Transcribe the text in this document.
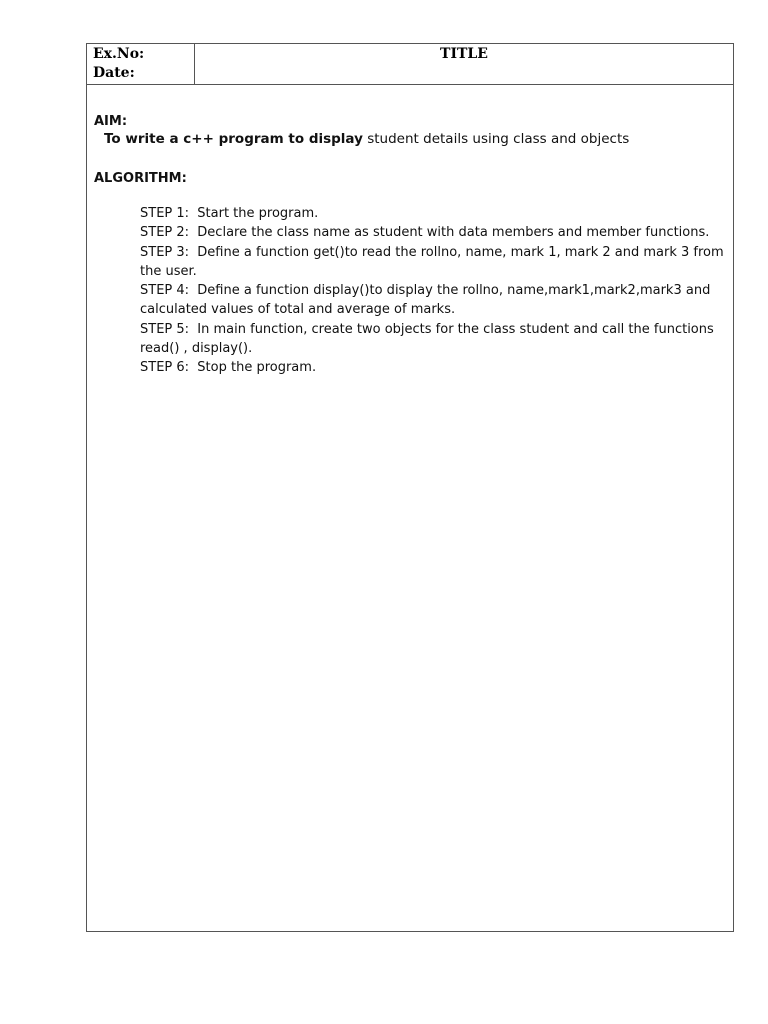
Ex.No:
Date:
TITLE
AIM:
To write a c++ program to display student details using class and objects
ALGORITHM:
STEP 1:  Start the program.
STEP 2:  Declare the class name as student with data members and member functions.
STEP 3:  Define a function get()to read the rollno, name, mark 1, mark 2 and mark 3 from the user.
STEP 4:  Define a function display()to display the rollno, name,mark1,mark2,mark3 and calculated values of total and average of marks.
STEP 5:  In main function, create two objects for the class student and call the functions read() , display().
STEP 6:  Stop the program.
